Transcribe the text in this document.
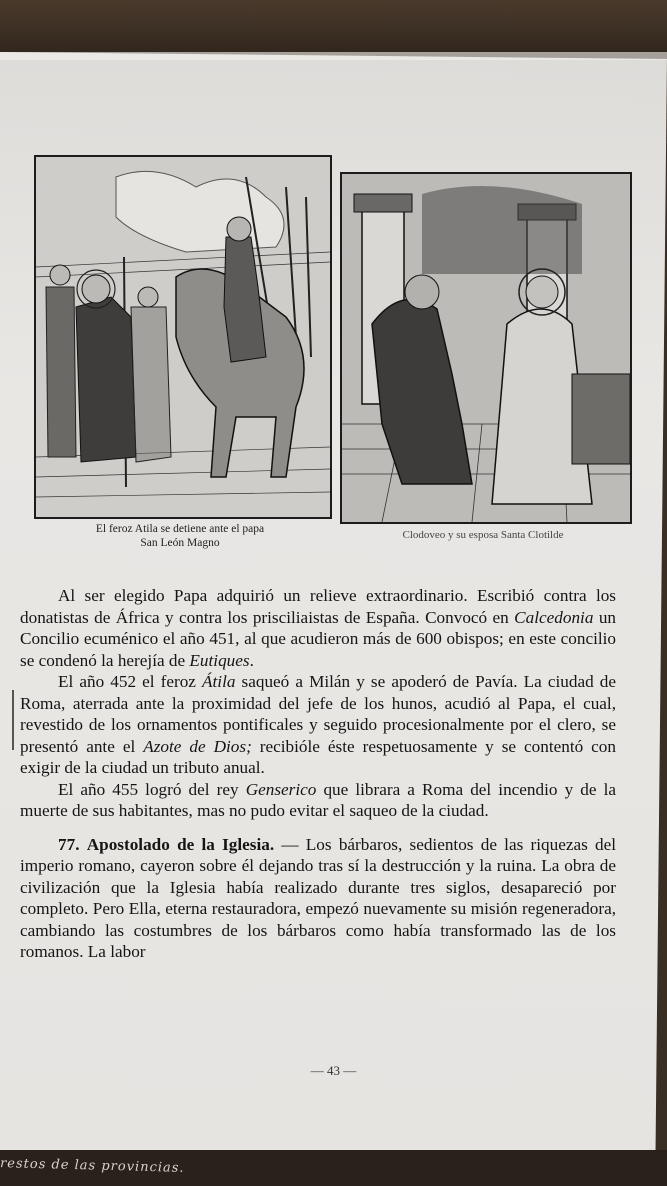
El feroz Atila se detiene ante el papa
San León Magno
Clodoveo y su esposa Santa Clotilde

Al ser elegido Papa adquirió un relieve extraordinario. Escribió contra los donatistas de África y contra los prisciliaistas de España. Convocó en Calcedonia un Concilio ecuménico el año 451, al que acudieron más de 600 obispos; en este concilio se condenó la herejía de Eutiques.

El año 452 el feroz Átila saqueó a Milán y se apoderó de Pavía. La ciudad de Roma, aterrada ante la proximidad del jefe de los hunos, acudió al Papa, el cual, revestido de los ornamentos pontificales y seguido procesionalmente por el clero, se presentó ante el Azote de Dios; recibióle éste respetuosamente y se contentó con exigir de la ciudad un tributo anual.

El año 455 logró del rey Genserico que librara a Roma del incendio y de la muerte de sus habitantes, mas no pudo evitar el saqueo de la ciudad.

77. Apostolado de la Iglesia. — Los bárbaros, sedientos de las riquezas del imperio romano, cayeron sobre él dejando tras sí la destrucción y la ruina. La obra de civilización que la Iglesia había realizado durante tres siglos, desapareció por completo. Pero Ella, eterna restauradora, empezó nuevamente su misión regeneradora, cambiando las costumbres de los bárbaros como había transformado las de los romanos. La labor

— 43 —
restos de las provincias.
